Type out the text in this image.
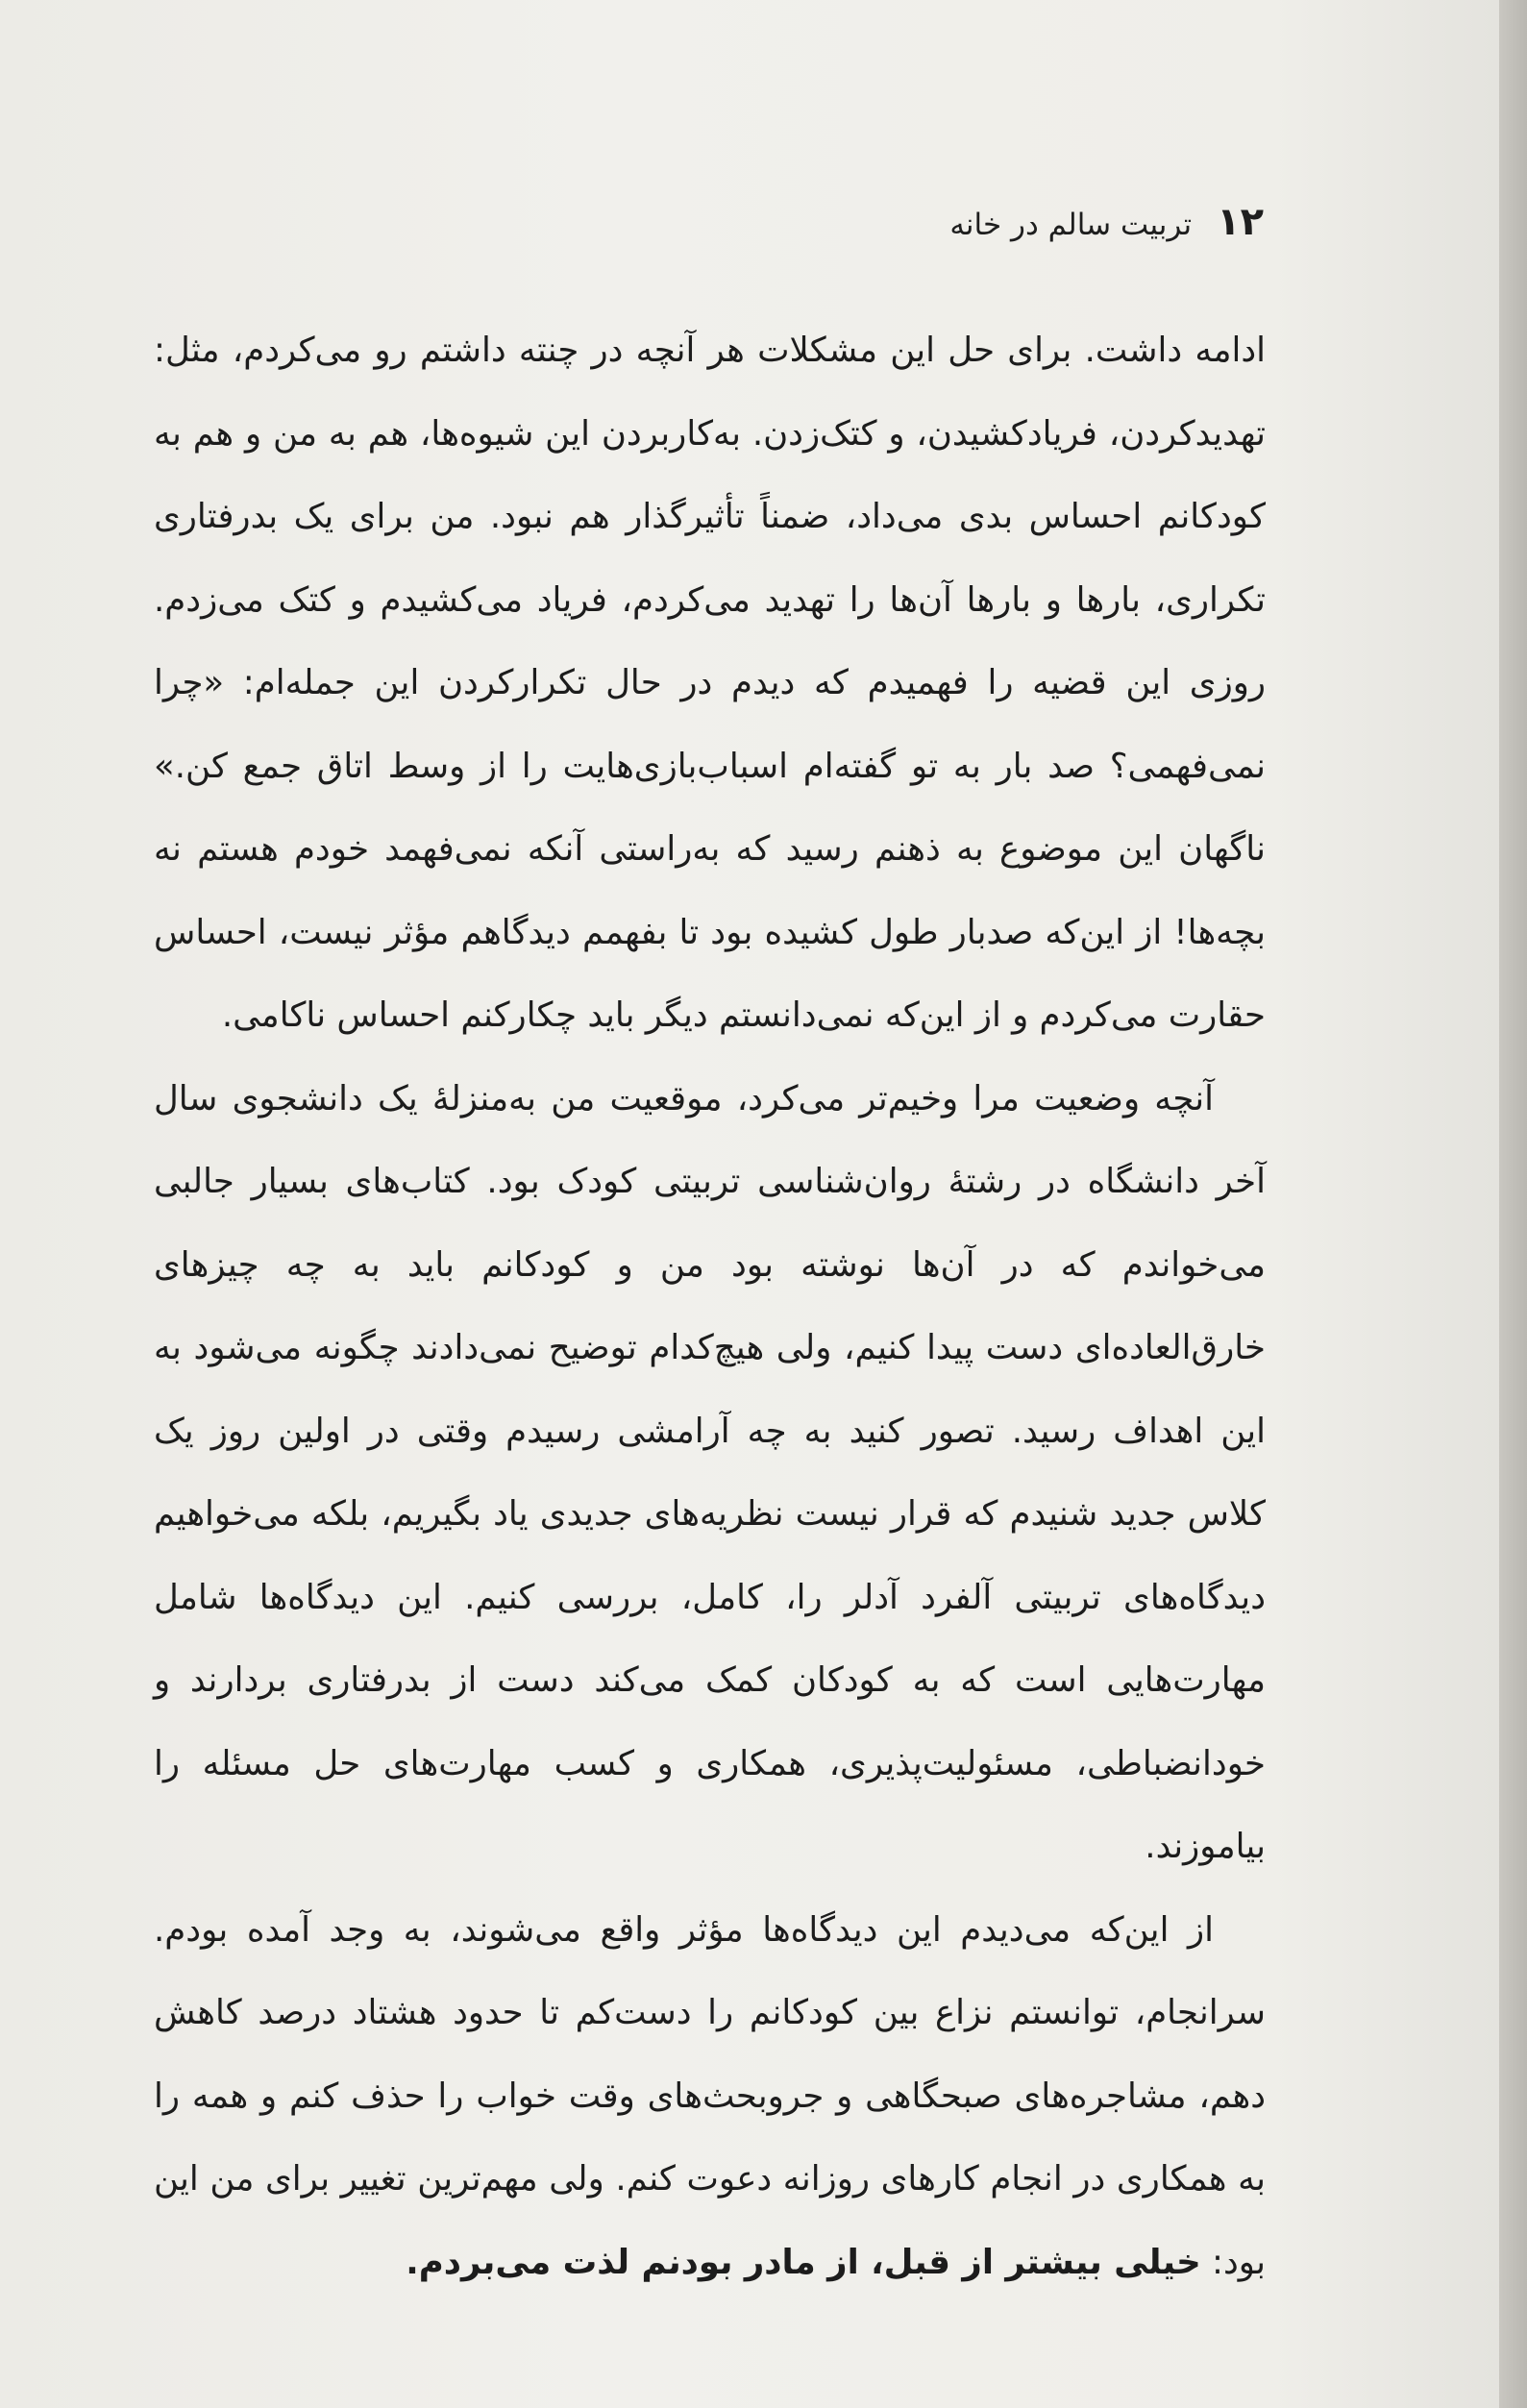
۱۲
تربیت سالم در خانه

ادامه داشت. برای حل این مشکلات هر آنچه در چنته داشتم رو می‌کردم، مثل: تهدیدکردن، فریادکشیدن، و کتک‌زدن. به‌کاربردن این شیوه‌ها، هم به من و هم به کودکانم احساس بدی می‌داد، ضمناً تأثیرگذار هم نبود. من برای یک بدرفتاری تکراری، بارها و بارها آن‌ها را تهدید می‌کردم، فریاد می‌کشیدم و کتک می‌زدم. روزی این قضیه را فهمیدم که دیدم در حال تکرارکردن این جمله‌ام: «چرا نمی‌فهمی؟ صد بار به تو گفته‌ام اسباب‌بازی‌هایت را از وسط اتاق جمع کن.» ناگهان این موضوع به ذهنم رسید که به‌راستی آنکه نمی‌فهمد خودم هستم نه بچه‌ها! از این‌که صدبار طول کشیده بود تا بفهمم دیدگاهم مؤثر نیست، احساس حقارت می‌کردم و از این‌که نمی‌دانستم دیگر باید چکارکنم احساس ناکامی.

آنچه وضعیت مرا وخیم‌تر می‌کرد، موقعیت من به‌منزلهٔ یک دانشجوی سال آخر دانشگاه در رشتهٔ روان‌شناسی تربیتی کودک بود. کتاب‌های بسیار جالبی می‌خواندم که در آن‌ها نوشته بود من و کودکانم باید به چه چیزهای خارق‌العاده‌ای دست پیدا کنیم، ولی هیچ‌کدام توضیح نمی‌دادند چگونه می‌شود به این اهداف رسید. تصور کنید به چه آرامشی رسیدم وقتی در اولین روز یک کلاس جدید شنیدم که قرار نیست نظریه‌های جدیدی یاد بگیریم، بلکه می‌خواهیم دیدگاه‌های تربیتی آلفرد آدلر را، کامل، بررسی کنیم. این دیدگاه‌ها شامل مهارت‌هایی است که به کودکان کمک می‌کند دست از بدرفتاری بردارند و خودانضباطی، مسئولیت‌پذیری، همکاری و کسب مهارت‌های حل مسئله را بیاموزند.

از این‌که می‌دیدم این دیدگاه‌ها مؤثر واقع می‌شوند، به وجد آمده بودم. سرانجام، توانستم نزاع بین کودکانم را دست‌کم تا حدود هشتاد درصد کاهش دهم، مشاجره‌های صبحگاهی و جروبحث‌های وقت خواب را حذف کنم و همه را به همکاری در انجام کارهای روزانه دعوت کنم. ولی مهم‌ترین تغییر برای من این بود: خیلی بیشتر از قبل، از مادر بودنم لذت می‌بردم.
